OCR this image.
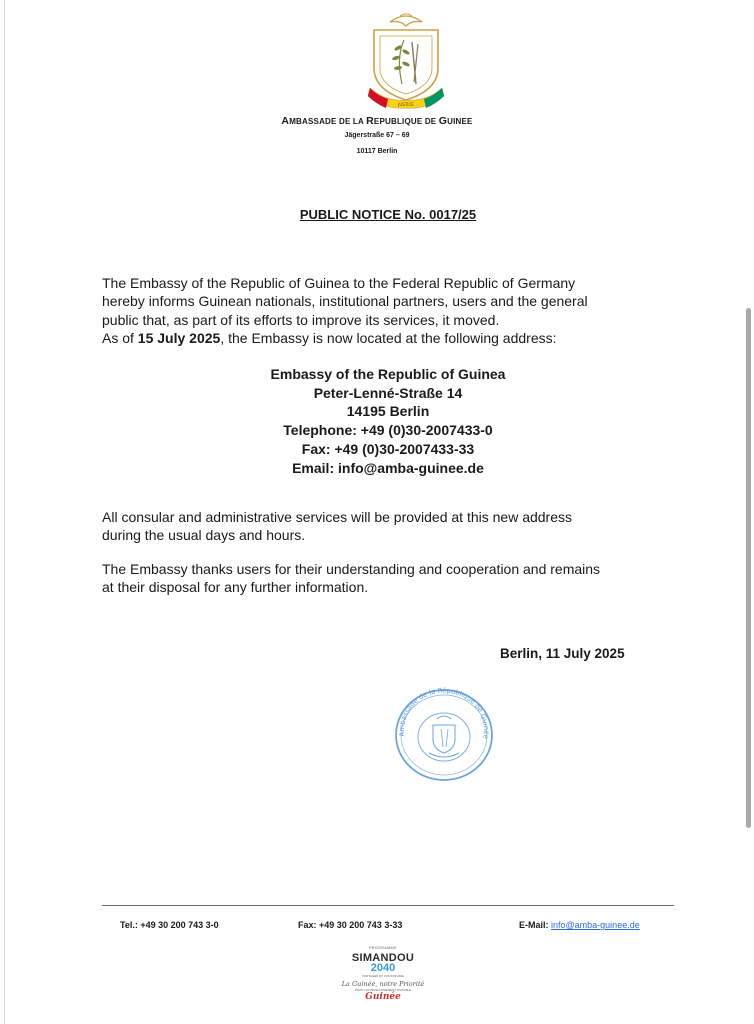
JUSTICE
AMBASSADE DE LA REPUBLIQUE DE GUINEE
Jägerstraße 67 – 69
10117 Berlin
PUBLIC NOTICE No. 0017/25
The Embassy of the Republic of Guinea to the Federal Republic of Germany
hereby informs Guinean nationals, institutional partners, users and the general
public that, as part of its efforts to improve its services, it moved.
As of 15 July 2025, the Embassy is now located at the following address:
Embassy of the Republic of Guinea
Peter-Lenné-Straße 14
14195 Berlin
Telephone: +49 (0)30-2007433-0
Fax: +49 (0)30-2007433-33
Email: info@amba-guinee.de
All consular and administrative services will be provided at this new address
during the usual days and hours.
The Embassy thanks users for their understanding and cooperation and remains
at their disposal for any further information.
Berlin, 11 July 2025
Ambassade de la République de Guinée
Tel.: +49 30 200 743 3-0	Fax: +49 30 200 743 3-33	E-Mail: info@amba-guinee.de
PROGRAMME
SIMANDOU
2040
PARTAGER ET CONSTRUIRE
La Guinée, notre Priorité
POUR UN DÉVELOPPEMENT DURABLE
Guinée
